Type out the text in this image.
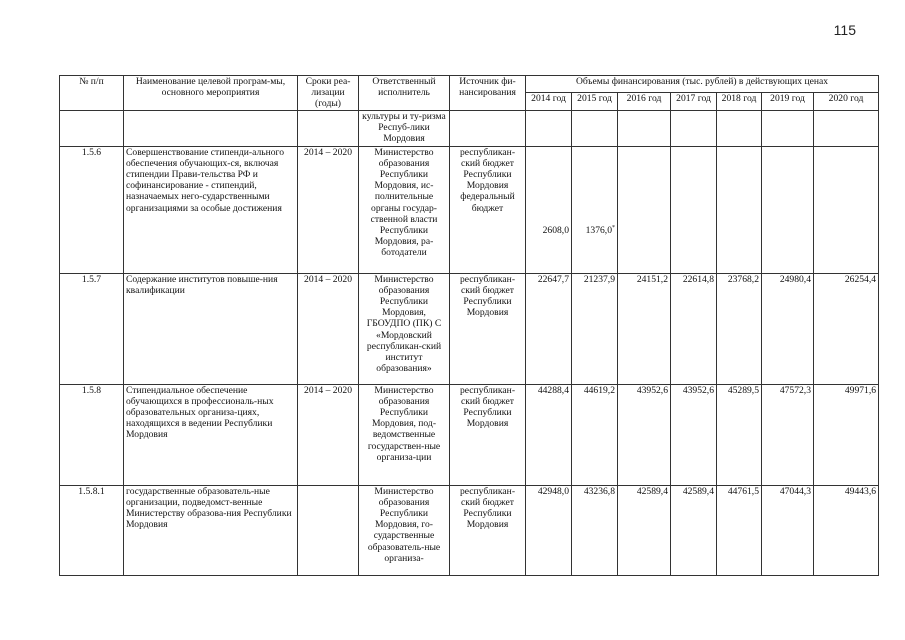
115
№ п/п	Наименование целевой програм-мы, основного мероприятия	Сроки реа-лизации (годы)	Ответственный исполнитель	Источник фи-нансирования	Объемы финансирования (тыс. рублей) в действующих ценах						
					2014 год	2015 год	2016 год	2017 год	2018 год	2019 год	2020 год
			культуры и ту-ризма Респуб-лики Мордовия								
1.5.6	Совершенствование стипенди-ального обеспечения обучающих-ся, включая стипендии Прави-тельства РФ и софинансирование - стипендий, назначаемых него-сударственными организациями за особые достижения	2014 – 2020	Министерство образования Республики Мордовия, ис-полнительные органы государ-ственной власти Республики Мордовия, ра-ботодатели	республикан-ский бюджет Республики Мордовия федеральный бюджет	2608,0	1376,0*					
1.5.7	Содержание институтов повыше-ния квалификации	2014 – 2020	Министерство образования Республики Мордовия, ГБОУДПО (ПК) С «Мордовский республикан-ский институт образования»	республикан-ский бюджет Республики Мордовия	22647,7	21237,9	24151,2	22614,8	23768,2	24980,4	26254,4
1.5.8	Стипендиальное обеспечение обучающихся в профессиональ-ных образовательных организа-циях, находящихся в ведении Республики Мордовия	2014 – 2020	Министерство образования Республики Мордовия, под-ведомственные государствен-ные организа-ции	республикан-ский бюджет Республики Мордовия	44288,4	44619,2	43952,6	43952,6	45289,5	47572,3	49971,6
1.5.8.1	государственные образователь-ные организации, подведомст-венные Министерству образова-ния Республики Мордовия		Министерство образования Республики Мордовия, го-сударственные образователь-ные организа-	республикан-ский бюджет Республики Мордовия	42948,0	43236,8	42589,4	42589,4	44761,5	47044,3	49443,6
